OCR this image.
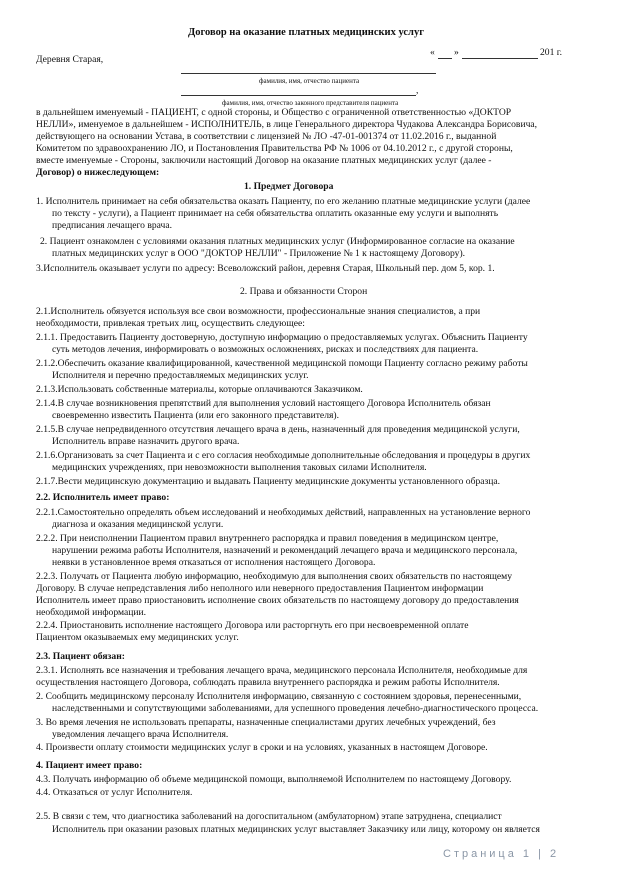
Договор на оказание платных медицинских услуг
Деревня Старая,
« »	201 г.
фамилия, имя, отчество пациента
,
фамилия, имя, отчество законного представителя пациента
в дальнейшем именуемый - ПАЦИЕНТ, с одной стороны, и Общество с ограниченной ответственностью «ДОКТОР
НЕЛЛИ», именуемое в дальнейшем - ИСПОЛНИТЕЛЬ, в лице Генерального директора Чудакова Александра Борисовича,
действующего на основании Устава, в соответствии с лицензией № ЛО -47-01-001374 от 11.02.2016 г., выданной
Комитетом по здравоохранению ЛО, и Постановления Правительства РФ № 1006 от 04.10.2012 г., с другой стороны,
вместе именуемые - Стороны, заключили настоящий Договор на оказание платных медицинских услуг (далее -
Договор) о нижеследующем:
1. Предмет Договора
1. Исполнитель принимает на себя обязательства оказать Пациенту, по его желанию платные медицинские услуги (далее
по тексту - услуги), а Пациент принимает на себя обязательства оплатить оказанные ему услуги и выполнять
предписания лечащего врача.
2. Пациент ознакомлен с условиями оказания платных медицинских услуг (Информированное согласие на оказание
платных медицинских услуг в ООО "ДОКТОР НЕЛЛИ" - Приложение № 1 к настоящему Договору).
3.Исполнитель оказывает услуги по адресу: Всеволожский район, деревня Старая, Школьный пер. дом 5, кор. 1.
2. Права и обязанности Сторон
2.1.Исполнитель обязуется используя все свои возможности, профессиональные знания специалистов, а при
необходимости, привлекая третьих лиц, осуществить следующее:
2.1.1. Предоставить Пациенту достоверную, доступную информацию о предоставляемых услугах. Объяснить Пациенту
суть методов лечения, информировать о возможных осложнениях, рисках и последствиях для пациента.
2.1.2.Обеспечить оказание квалифицированной, качественной медицинской помощи Пациенту согласно режиму работы
Исполнителя и перечню предоставляемых медицинских услуг.
2.1.3.Использовать собственные материалы, которые оплачиваются Заказчиком.
2.1.4.В случае возникновения препятствий для выполнения условий настоящего Договора Исполнитель обязан
своевременно известить Пациента (или его законного представителя).
2.1.5.В случае непредвиденного отсутствия лечащего врача в день, назначенный для проведения медицинской услуги,
Исполнитель вправе назначить другого врача.
2.1.6.Организовать за счет Пациента и с его согласия необходимые дополнительные обследования и процедуры в других
медицинских учреждениях, при невозможности выполнения таковых силами Исполнителя.
2.1.7.Вести медицинскую документацию и выдавать Пациенту медицинские документы установленного образца.
2.2. Исполнитель имеет право:
2.2.1.Самостоятельно определять объем исследований и необходимых действий, направленных на установление верного
диагноза и оказания медицинской услуги.
2.2.2. При неисполнении Пациентом правил внутреннего распорядка и правил поведения в медицинском центре,
нарушении режима работы Исполнителя, назначений и рекомендаций лечащего врача и медицинского персонала,
неявки в установленное время отказаться от исполнения настоящего Договора.
2.2.3. Получать от Пациента любую информацию, необходимую для выполнения своих обязательств по настоящему
Договору. В случае непредставления либо неполного или неверного предоставления Пациентом информации
Исполнитель имеет право приостановить исполнение своих обязательств по настоящему договору до предоставления
необходимой информации.
2.2.4. Приостановить исполнение настоящего Договора или расторгнуть его при несвоевременной оплате
Пациентом оказываемых ему медицинских услуг.
2.3. Пациент обязан:
2.3.1. Исполнять все назначения и требования лечащего врача, медицинского персонала Исполнителя, необходимые для
осуществления настоящего Договора, соблюдать правила внутреннего распорядка и режим работы Исполнителя.
2. Сообщить медицинскому персоналу Исполнителя информацию, связанную с состоянием здоровья, перенесенными,
наследственными и сопутствующими заболеваниями, для успешного проведения лечебно-диагностического процесса.
3. Во время лечения не использовать препараты, назначенные специалистами других лечебных учреждений, без
уведомления лечащего врача Исполнителя.
4. Произвести оплату стоимости медицинских услуг в сроки и на условиях, указанных в настоящем Договоре.
4. Пациент имеет право:
4.3. Получать информацию об объеме медицинской помощи, выполняемой Исполнителем по настоящему Договору.
4.4. Отказаться от услуг Исполнителя.
2.5. В связи с тем, что диагностика заболеваний на догоспитальном (амбулаторном) этапе затруднена, специалист
Исполнитель при оказании разовых платных медицинских услуг выставляет Заказчику или лицу, которому он является
Страница 1 | 2
